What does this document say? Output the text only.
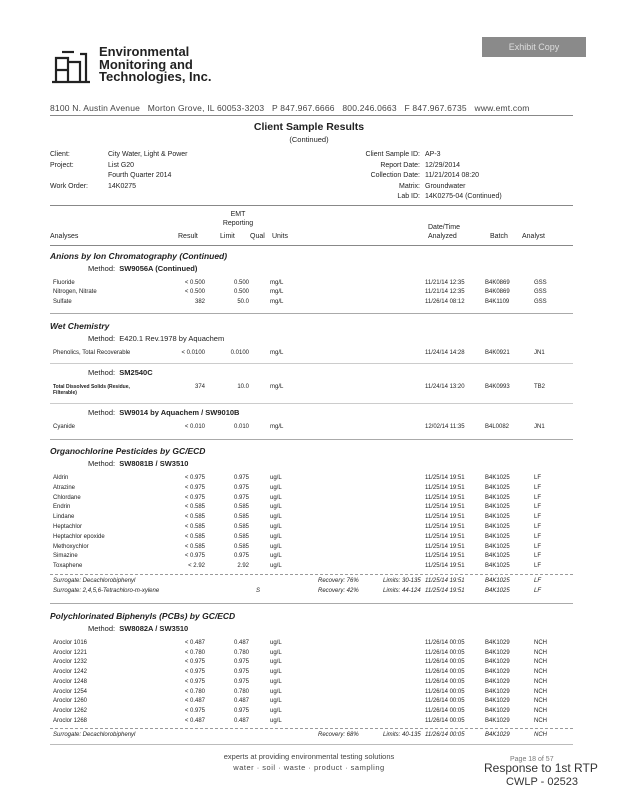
Exhibit Copy
Environmental
Monitoring and
Technologies, Inc.
8100 N. Austin Avenue   Morton Grove, IL 60053-3203   P 847.967.6666   800.246.0663   F 847.967.6735   www.emt.com
Client Sample Results
(Continued)
Client:	City Water, Light & Power
Project:	List G20
Fourth Quarter 2014
Work Order:	14K0275
Client Sample ID: AP-3
Report Date: 12/29/2014
Collection Date: 11/21/2014 08:20
Matrix: Groundwater
Lab ID: 14K0275-04 (Continued)
EMT
Reporting
Analyses	Result	Limit Qual Units
Date/Time
Analyzed	Batch Analyst
Anions by Ion Chromatography (Continued)
Method: SW9056A (Continued)
Fluoride	< 0.500	0.500	mg/L	11/21/14 12:35	B4K0869	GSS
Nitrogen, Nitrate	< 0.500	0.500	mg/L	11/21/14 12:35	B4K0869	GSS
Sulfate	382	50.0	mg/L	11/26/14 08:12	B4K1109	GSS
Wet Chemistry
Method: E420.1 Rev.1978 by Aquachem
Phenolics, Total Recoverable	< 0.0100	0.0100	mg/L	11/24/14 14:28	B4K0921	JN1
Method: SM2540C
Total Dissolved Solids (Residue, Filterable)
374	10.0	mg/L	11/24/14 13:20	B4K0993	TB2
Method: SW9014 by Aquachem / SW9010B
Cyanide	< 0.010	0.010	mg/L	12/02/14 11:35	B4L0082	JN1
Organochlorine Pesticides by GC/ECD
Method: SW8081B / SW3510
Aldrin	< 0.975	0.975	ug/L	11/25/14 19:51	B4K1025	LF
Atrazine	< 0.975	0.975	ug/L	11/25/14 19:51	B4K1025	LF
Chlordane	< 0.975	0.975	ug/L	11/25/14 19:51	B4K1025	LF
Endrin	< 0.585	0.585	ug/L	11/25/14 19:51	B4K1025	LF
Lindane	< 0.585	0.585	ug/L	11/25/14 19:51	B4K1025	LF
Heptachlor	< 0.585	0.585	ug/L	11/25/14 19:51	B4K1025	LF
Heptachlor epoxide	< 0.585	0.585	ug/L	11/25/14 19:51	B4K1025	LF
Methoxychlor	< 0.585	0.585	ug/L	11/25/14 19:51	B4K1025	LF
Simazine	< 0.975	0.975	ug/L	11/25/14 19:51	B4K1025	LF
Toxaphene	< 2.92	2.92	ug/L	11/25/14 19:51	B4K1025	LF
Surrogate: Decachlorobiphenyl	Recovery: 76%	Limits: 30-135 11/25/14 19:51	B4K1025	LF
Surrogate: 2,4,5,6-Tetrachloro-m-xylene	S	Recovery: 42%	Limits: 44-124 11/25/14 19:51	B4K1025	LF
Polychlorinated Biphenyls (PCBs) by GC/ECD
Method: SW8082A / SW3510
Aroclor 1016	< 0.487	0.487	ug/L	11/26/14 00:05	B4K1029	NCH
Aroclor 1221	< 0.780	0.780	ug/L	11/26/14 00:05	B4K1029	NCH
Aroclor 1232	< 0.975	0.975	ug/L	11/26/14 00:05	B4K1029	NCH
Aroclor 1242	< 0.975	0.975	ug/L	11/26/14 00:05	B4K1029	NCH
Aroclor 1248	< 0.975	0.975	ug/L	11/26/14 00:05	B4K1029	NCH
Aroclor 1254	< 0.780	0.780	ug/L	11/26/14 00:05	B4K1029	NCH
Aroclor 1260	< 0.487	0.487	ug/L	11/26/14 00:05	B4K1029	NCH
Aroclor 1262	< 0.975	0.975	ug/L	11/26/14 00:05	B4K1029	NCH
Aroclor 1268	< 0.487	0.487	ug/L	11/26/14 00:05	B4K1029	NCH
Surrogate: Decachlorobiphenyl	Recovery: 68%	Limits: 40-135 11/26/14 00:05	B4K1029	NCH
experts at providing environmental testing solutions
water · soil · waste · product · sampling
Page 18 of 57
Response to 1st RTP
CWLP - 02523
